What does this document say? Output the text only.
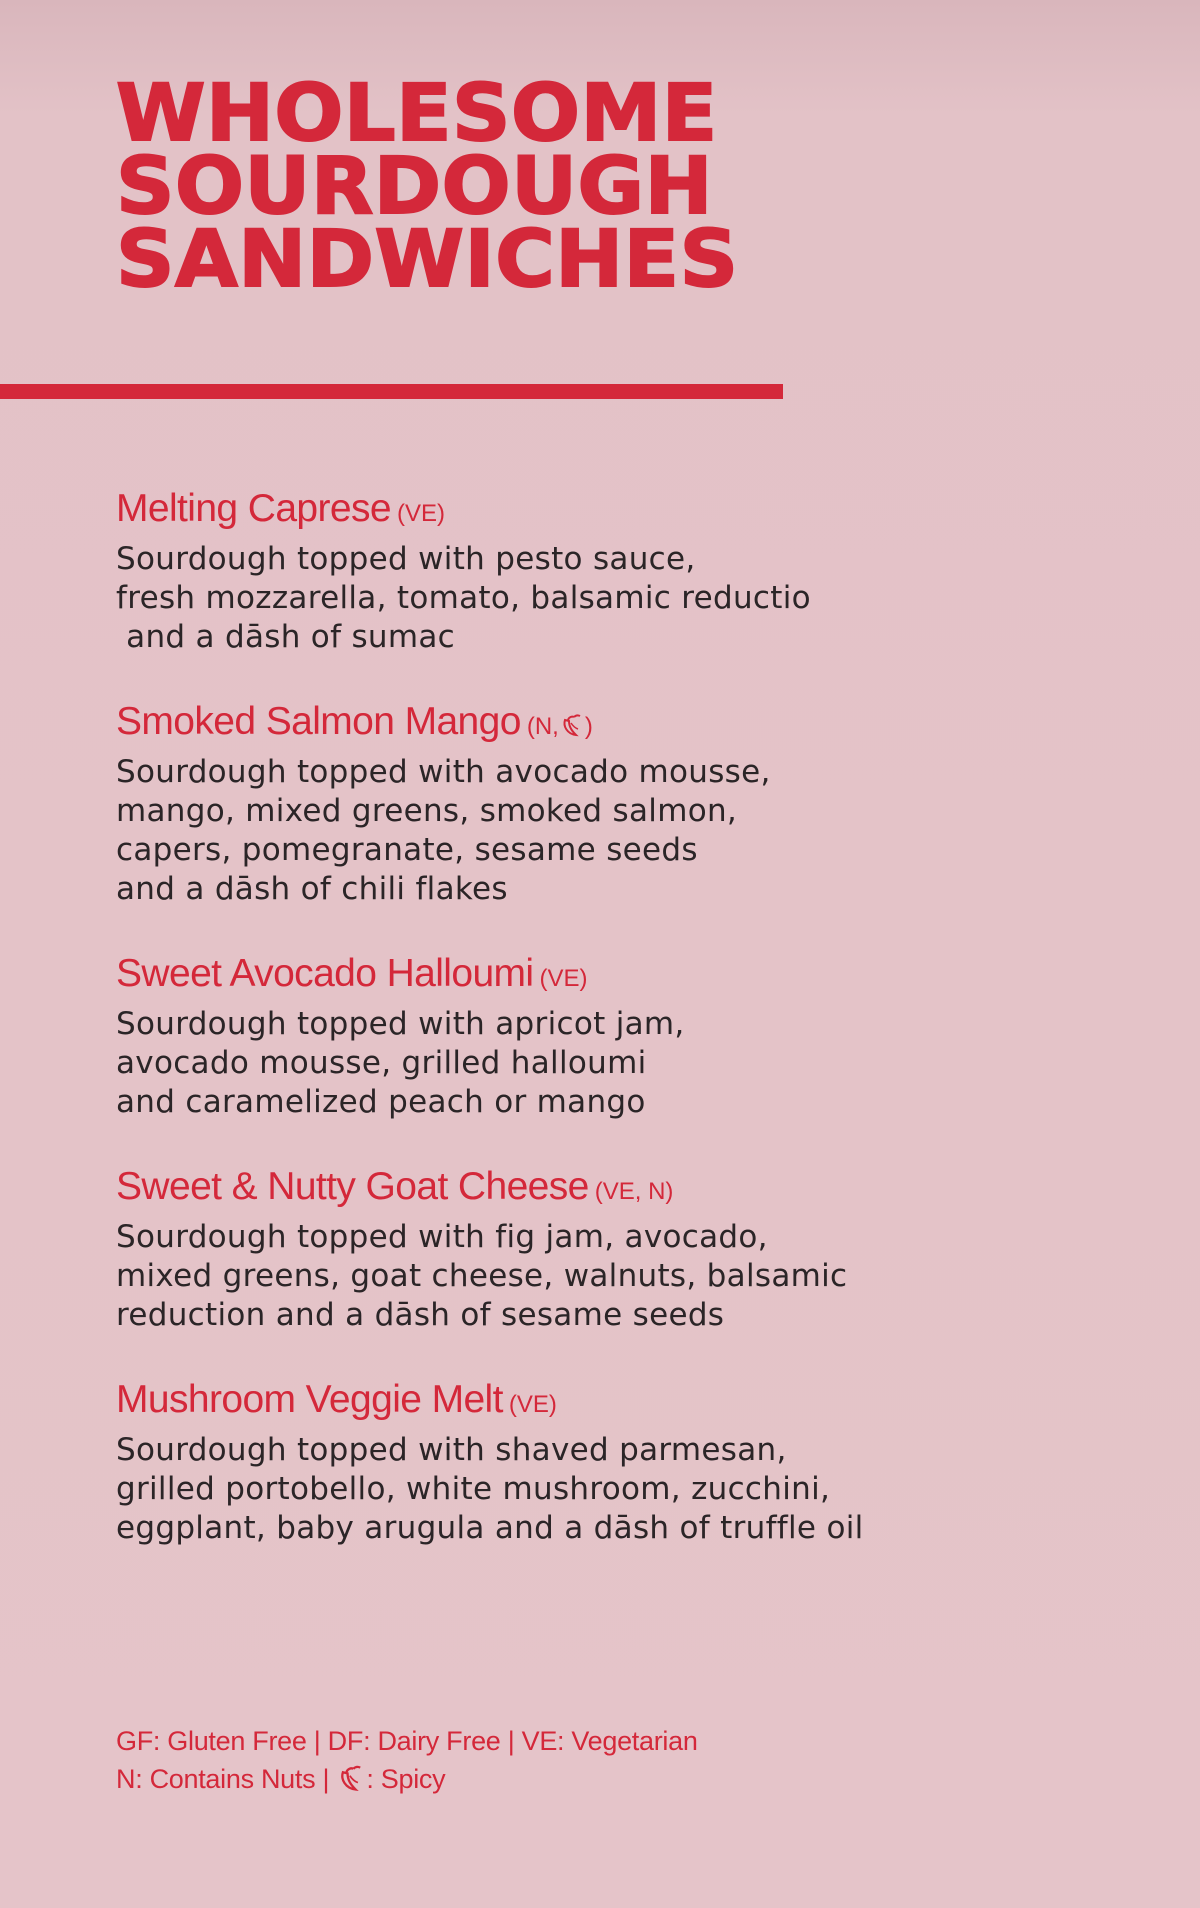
WHOLESOME
SOURDOUGH
SANDWICHES
Melting Caprese (VE)
Sourdough topped with pesto sauce,
fresh mozzarella, tomato, balsamic reductio
and a dāsh of sumac
Smoked Salmon Mango (N, )
Sourdough topped with avocado mousse,
mango, mixed greens, smoked salmon,
capers, pomegranate, sesame seeds
and a dāsh of chili flakes
Sweet Avocado Halloumi (VE)
Sourdough topped with apricot jam,
avocado mousse, grilled halloumi
and caramelized peach or mango
Sweet & Nutty Goat Cheese (VE, N)
Sourdough topped with fig jam, avocado,
mixed greens, goat cheese, walnuts, balsamic
reduction and a dāsh of sesame seeds
Mushroom Veggie Melt (VE)
Sourdough topped with shaved parmesan,
grilled portobello, white mushroom, zucchini,
eggplant, baby arugula and a dāsh of truffle oil
GF: Gluten Free | DF: Dairy Free | VE: Vegetarian
N: Contains Nuts | : Spicy
